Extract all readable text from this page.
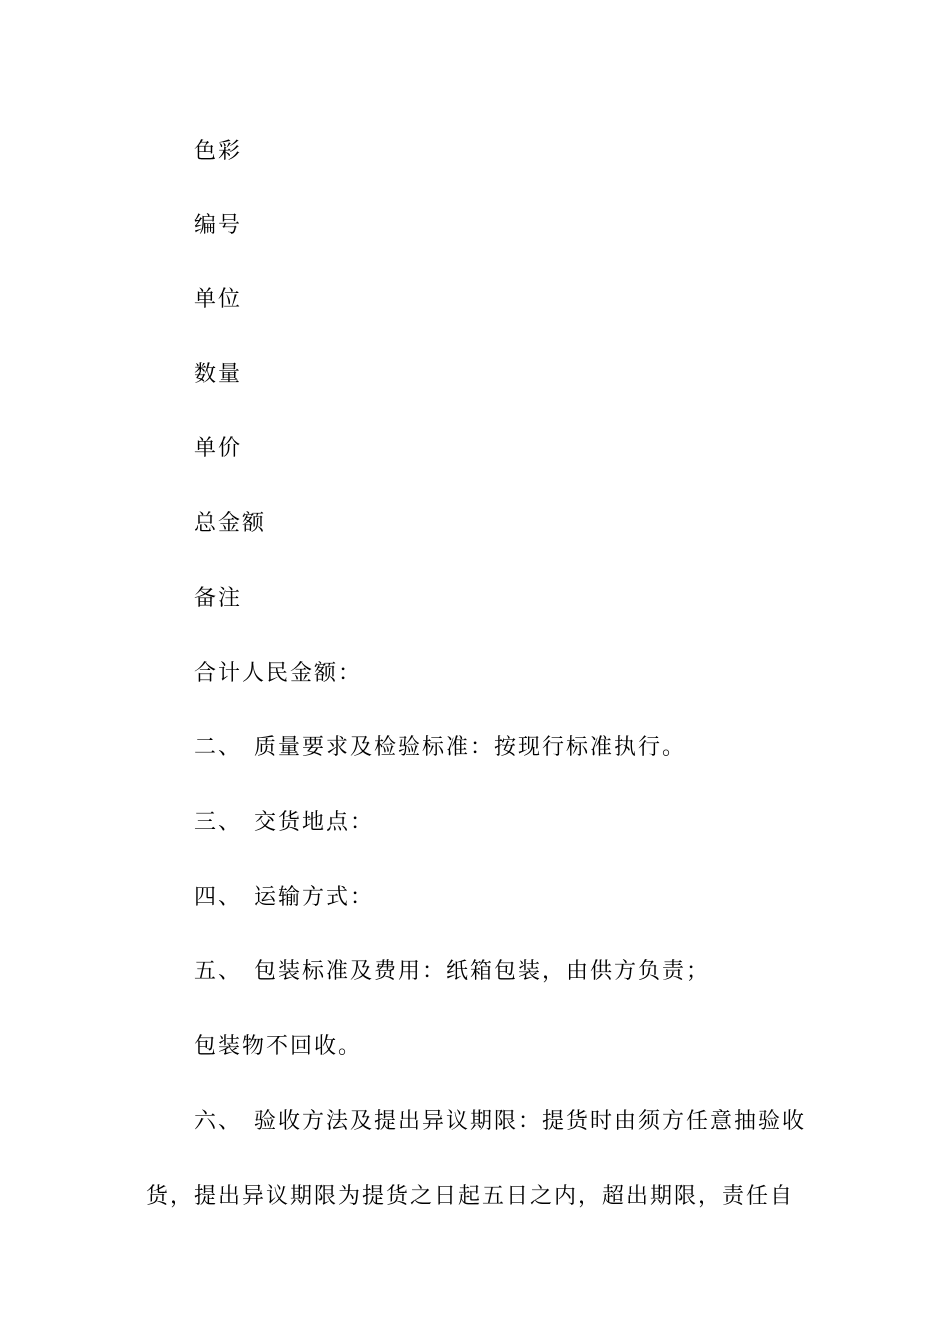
色彩
编号
单位
数量
单价
总金额
备注
合计人民金额：
二、 质量要求及检验标准：按现行标准执行。
三、 交货地点：
四、 运输方式：
五、 包装标准及费用：纸箱包装，由供方负责；
包装物不回收。
六、 验收方法及提出异议期限：提货时由须方任意抽验收
货，提出异议期限为提货之日起五日之内，超出期限，责任自
